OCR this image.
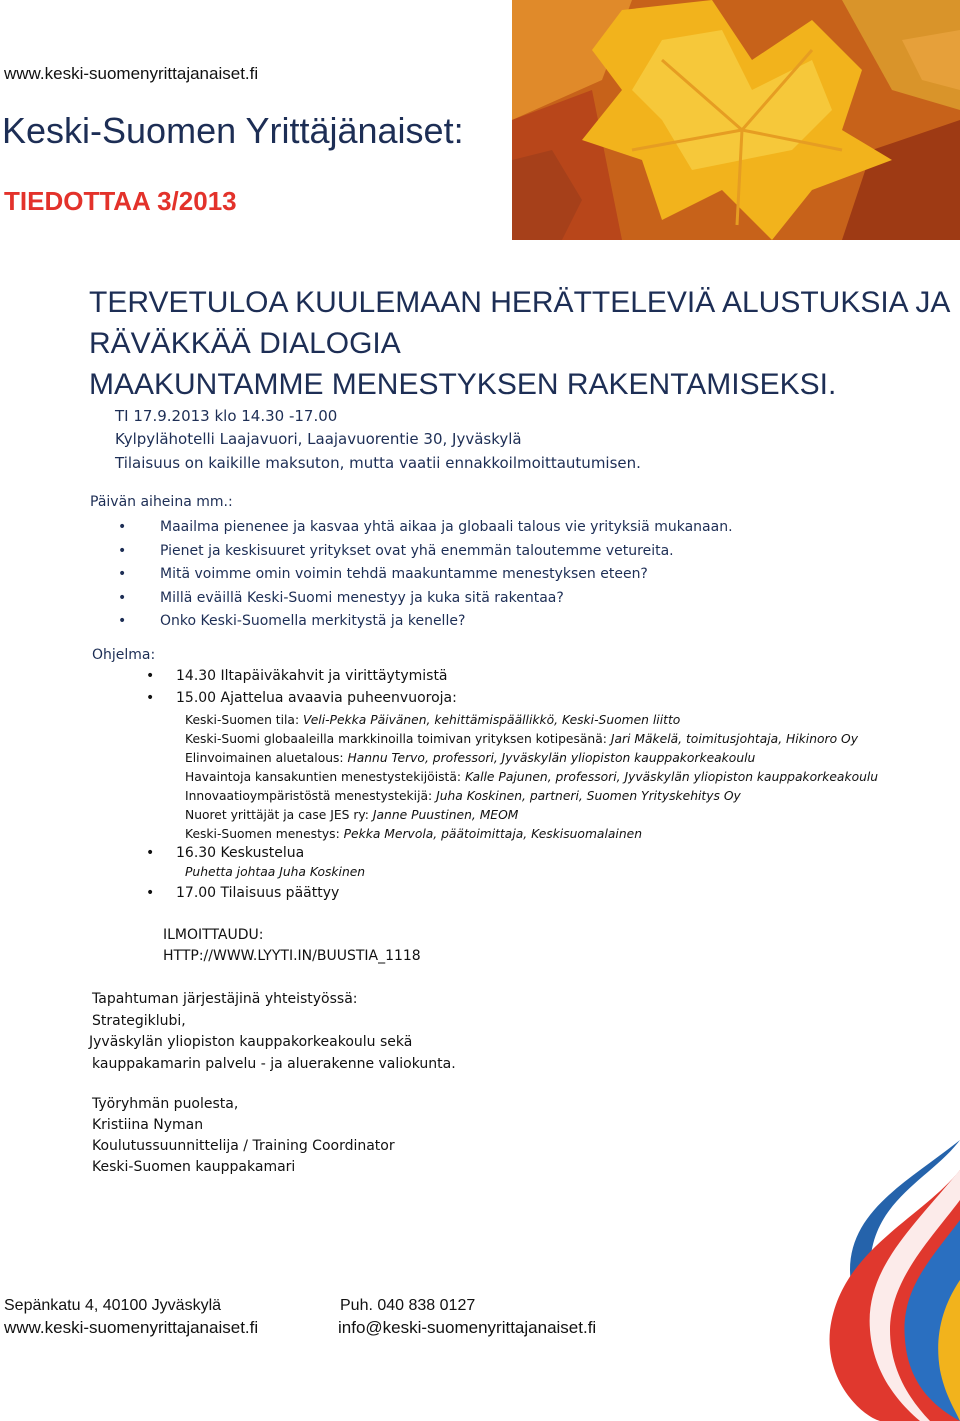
www.keski-suomenyrittajanaiset.fi
Keski-Suomen Yrittäjänaiset:
TIEDOTTAA 3/2013
TERVETULOA KUULEMAAN HERÄTTELEVIÄ ALUSTUKSIA JA
RÄVÄKKÄÄ DIALOGIA
MAAKUNTAMME MENESTYKSEN RAKENTAMISEKSI.
TI 17.9.2013 klo 14.30 -17.00
Kylpylähotelli Laajavuori, Laajavuorentie 30, Jyväskylä
Tilaisuus on kaikille maksuton, mutta vaatii ennakkoilmoittautumisen.
Päivän aiheina mm.:
• Maailma pienenee ja kasvaa yhtä aikaa ja globaali talous vie yrityksiä mukanaan.
• Pienet ja keskisuuret yritykset ovat yhä enemmän taloutemme vetureita.
• Mitä voimme omin voimin tehdä maakuntamme menestyksen eteen?
• Millä eväillä Keski-Suomi menestyy ja kuka sitä rakentaa?
• Onko Keski-Suomella merkitystä ja kenelle?
Ohjelma:
• 14.30 Iltapäiväkahvit ja virittäytymistä
• 15.00 Ajattelua avaavia puheenvuoroja:
Keski-Suomen tila: Veli-Pekka Päivänen, kehittämispäällikkö, Keski-Suomen liitto
Keski-Suomi globaaleilla markkinoilla toimivan yrityksen kotipesänä: Jari Mäkelä, toimitusjohtaja, Hikinoro Oy
Elinvoimainen aluetalous: Hannu Tervo, professori, Jyväskylän yliopiston kauppakorkeakoulu
Havaintoja kansakuntien menestystekijöistä: Kalle Pajunen, professori, Jyväskylän yliopiston kauppakorkeakoulu
Innovaatioympäristöstä menestystekijä: Juha Koskinen, partneri, Suomen Yrityskehitys Oy
Nuoret yrittäjät ja case JES ry: Janne Puustinen, MEOM
Keski-Suomen menestys: Pekka Mervola, päätoimittaja, Keskisuomalainen
• 16.30 Keskustelua
Puhetta johtaa Juha Koskinen
• 17.00 Tilaisuus päättyy
ILMOITTAUDU:
HTTP://WWW.LYYTI.IN/BUUSTIA_1118
Tapahtuman järjestäjinä yhteistyössä:
Strategiklubi,
Jyväskylän yliopiston kauppakorkeakoulu sekä
kauppakamarin palvelu - ja aluerakenne valiokunta.
Työryhmän puolesta,
Kristiina Nyman
Koulutussuunnittelija / Training Coordinator
Keski-Suomen kauppakamari
Sepänkatu 4, 40100 Jyväskylä	Puh. 040 838 0127
www.keski-suomenyrittajanaiset.fi	info@keski-suomenyrittajanaiset.fi
